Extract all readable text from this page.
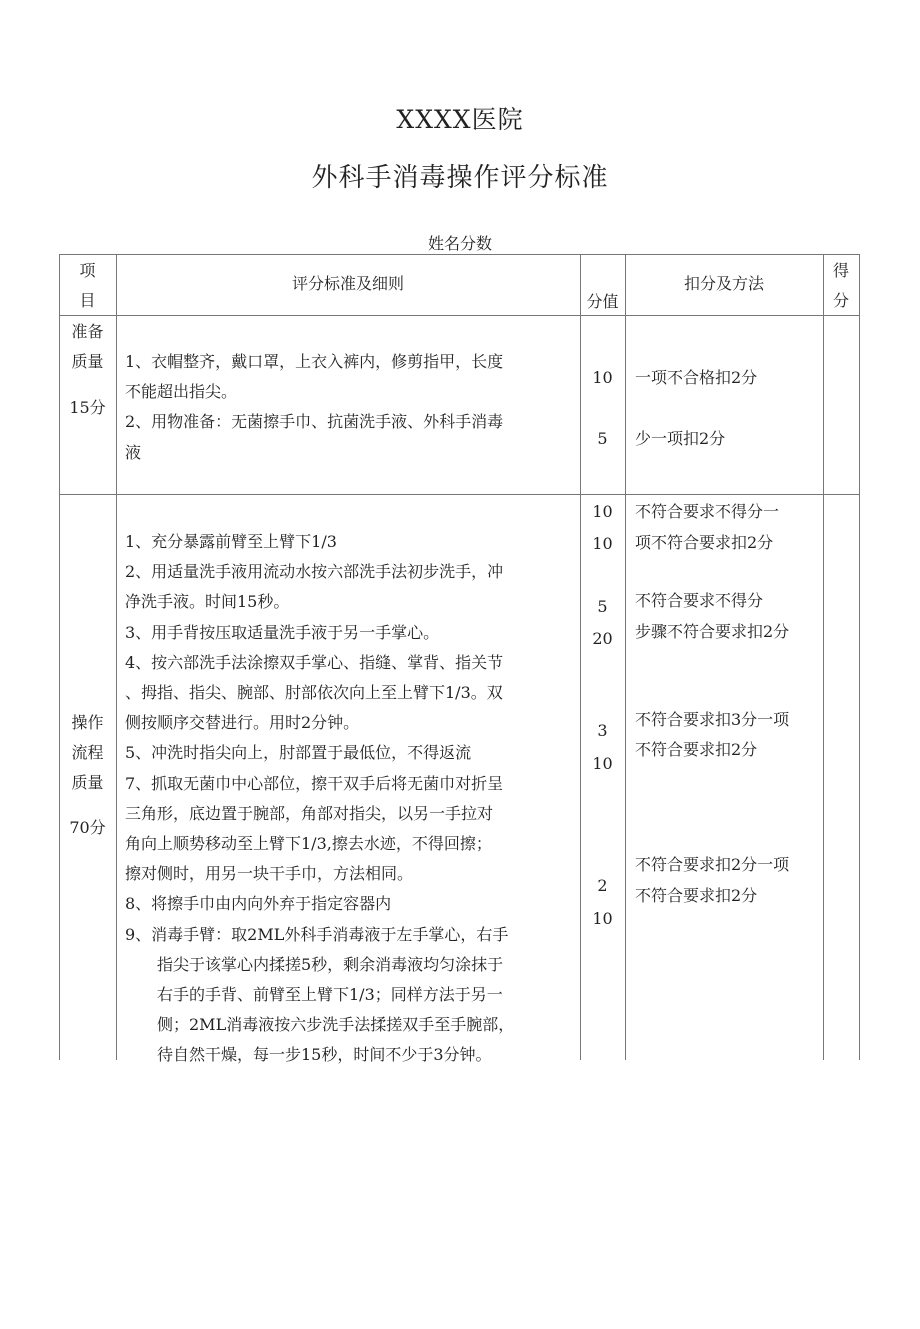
XXXX医院
外科手消毒操作评分标准
姓名分数
项
目
评分标准及细则
分值
扣分及方法
得
分
准备
质量
15分
1、衣帽整齐，戴口罩，上衣入裤内，修剪指甲，长度
不能超出指尖。
2、用物准备：无菌擦手巾、抗菌洗手液、外科手消毒
液
10
5
一项不合格扣2分
少一项扣2分
操作
流程
质量
70分
1、充分暴露前臂至上臂下1/3
2、用适量洗手液用流动水按六部洗手法初步洗手，冲
净洗手液。时间15秒。
3、用手背按压取适量洗手液于另一手掌心。
4、按六部洗手法涂擦双手掌心、指缝、掌背、指关节
、拇指、指尖、腕部、肘部依次向上至上臂下1/3。双
侧按顺序交替进行。用时2分钟。
5、冲洗时指尖向上，肘部置于最低位，不得返流
7、抓取无菌巾中心部位，擦干双手后将无菌巾对折呈
三角形，底边置于腕部，角部对指尖，以另一手拉对
角向上顺势移动至上臂下1/3,擦去水迹，不得回擦；
擦对侧时，用另一块干手巾，方法相同。
8、将擦手巾由内向外弃于指定容器内
9、消毒手臂：取2ML外科手消毒液于左手掌心，右手
指尖于该掌心内揉搓5秒，剩余消毒液均匀涂抹于
右手的手背、前臂至上臂下1/3；同样方法于另一
侧；2ML消毒液按六步洗手法揉搓双手至手腕部，
待自然干燥，每一步15秒，时间不少于3分钟。
10
10
5
20
3
10
2
10
不符合要求不得分一
项不符合要求扣2分
不符合要求不得分
步骤不符合要求扣2分
不符合要求扣3分一项
不符合要求扣2分
不符合要求扣2分一项
不符合要求扣2分
